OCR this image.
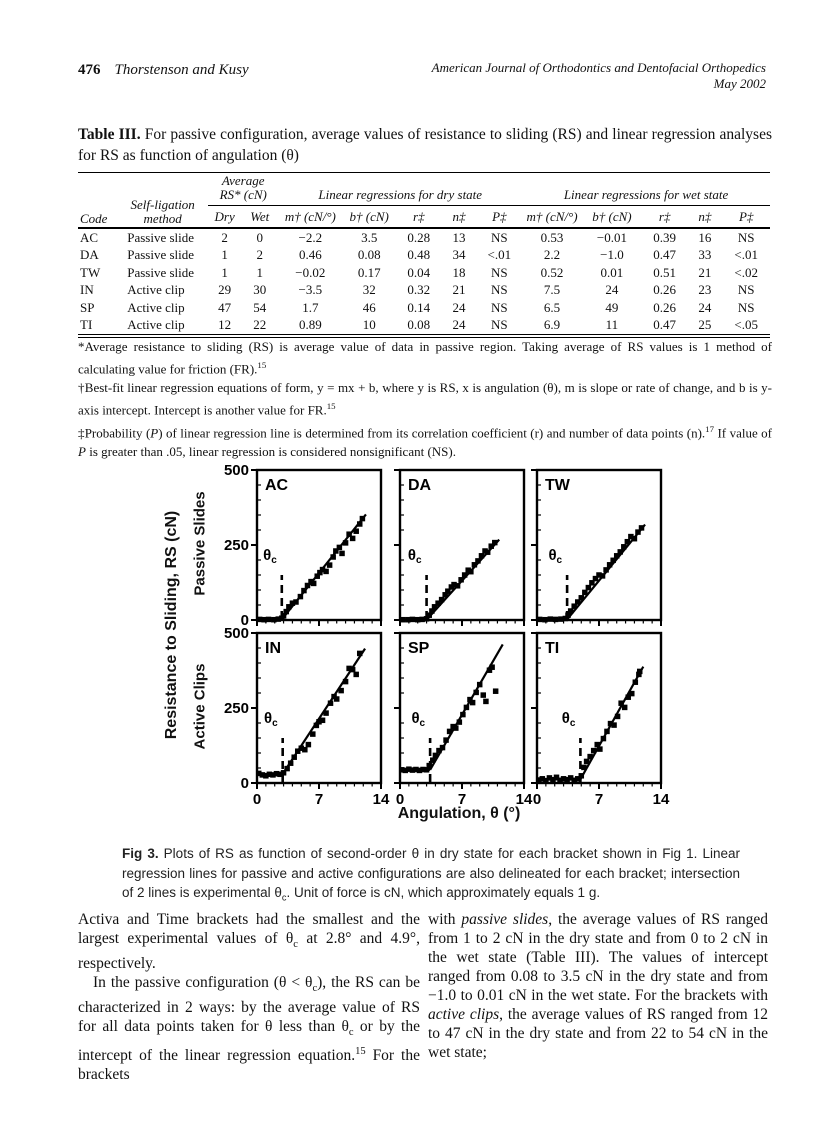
476 Thorstenson and Kusy	American Journal of Orthodontics and Dentofacial Orthopedics
May 2002
Table III. For passive configuration, average values of resistance to sliding (RS) and linear regression analyses for RS as function of angulation (θ)
Code	Self-ligation method	Average RS* (cN)		Linear regressions for dry state					Linear regressions for wet state				
		Dry	Wet	m† (cN/°)	b† (cN)	r‡	n‡	P‡	m† (cN/°)	b† (cN)	r‡	n‡	P‡
AC	Passive slide	2	0	−2.2	3.5	0.28	13	NS	0.53	−0.01	0.39	16	NS
DA	Passive slide	1	2	0.46	0.08	0.48	34	<.01	2.2	−1.0	0.47	33	<.01
TW	Passive slide	1	1	−0.02	0.17	0.04	18	NS	0.52	0.01	0.51	21	<.02
IN	Active clip	29	30	−3.5	32	0.32	21	NS	7.5	24	0.26	23	NS
SP	Active clip	47	54	1.7	46	0.14	24	NS	6.5	49	0.26	24	NS
TI	Active clip	12	22	0.89	10	0.08	24	NS	6.9	11	0.47	25	<.05

*Average resistance to sliding (RS) is average value of data in passive region. Taking average of RS values is 1 method of calculating value for friction (FR).$^{15}$

†Best-fit linear regression equations of form, y = mx + b, where y is RS, x is angulation (θ), m is slope or rate of change, and b is y-axis intercept. Intercept is another value for FR.$^{15}$

‡Probability (P) of linear regression line is determined from its correlation coefficient (r) and number of data points (n).$^{17}$ If value of P is greater than .05, linear regression is considered nonsignificant (NS).

Resistance to Sliding, RS (cN) Passive Slides
Active Clips
0
250
500
AC
$\theta_c$
DA
$\theta_c$
TW
$\theta_c$
0
250
500
0	7	14
IN
$\theta_c$
0	7	14
SP
$\theta_c$
0	7	14
TI
$\theta_c$
Angulation, θ (°)
Fig 3. Plots of RS as function of second-order θ in dry state for each bracket shown in Fig 1. Linear regression lines for passive and active configurations are also delineated for each bracket; intersection of 2 lines is experimental $\theta_c$. Unit of force is cN, which approximately equals 1 g.

Activa and Time brackets had the smallest and the largest experimental values of $\theta_c$ at 2.8° and 4.9°, respectively.

In the passive configuration $(\theta < \theta_c)$, the RS can be characterized in 2 ways: by the average value of RS for all data points taken for θ less than $\theta_c$ or by the intercept of the linear regression equation.$^{15}$ For the brackets

with passive slides, the average values of RS ranged from 1 to 2 cN in the dry state and from 0 to 2 cN in the wet state (Table III). The values of intercept ranged from 0.08 to 3.5 cN in the dry state and from −1.0 to 0.01 cN in the wet state. For the brackets with active clips, the average values of RS ranged from 12 to 47 cN in the dry state and from 22 to 54 cN in the wet state;
